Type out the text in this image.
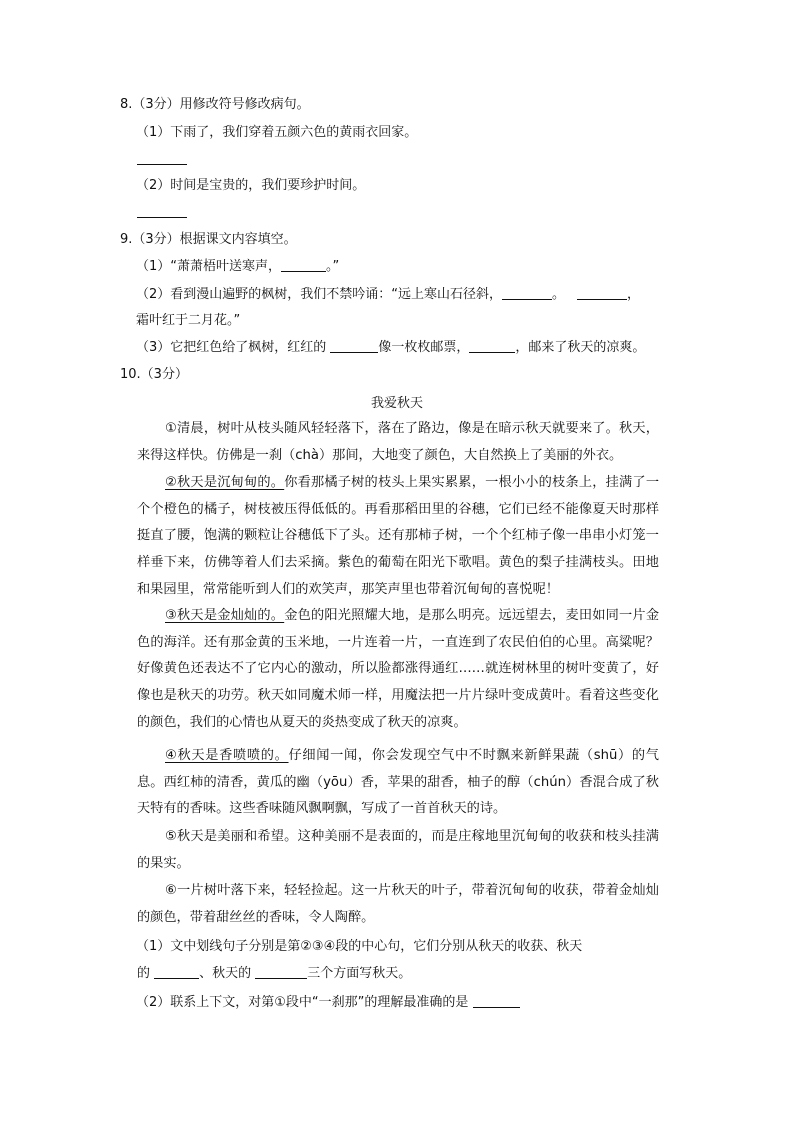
8.（3分）用修改符号修改病句。
（1）下雨了，我们穿着五颜六色的黄雨衣回家。
（2）时间是宝贵的，我们要珍护时间。
9.（3分）根据课文内容填空。
（1）“萧萧梧叶送寒声，	。”
（2）看到漫山遍野的枫树，我们不禁吟诵：“远上寒山石径斜，	。	，
霜叶红于二月花。”
（3）它把红色给了枫树，红红的	像一枚枚邮票，	，邮来了秋天的凉爽。
10.（3分）
我爱秋天
①清晨，树叶从枝头随风轻轻落下，落在了路边，像是在暗示秋天就要来了。秋天，来得这样快。仿佛是一刹（chà）那间，大地变了颜色，大自然换上了美丽的外衣。
②秋天是沉甸甸的。你看那橘子树的枝头上果实累累，一根小小的枝条上，挂满了一个个橙色的橘子，树枝被压得低低的。再看那稻田里的谷穗，它们已经不能像夏天时那样挺直了腰，饱满的颗粒让谷穗低下了头。还有那柿子树，一个个红柿子像一串串小灯笼一样垂下来，仿佛等着人们去采摘。紫色的葡萄在阳光下歌唱。黄色的梨子挂满枝头。田地和果园里，常常能听到人们的欢笑声，那笑声里也带着沉甸甸的喜悦呢！
③秋天是金灿灿的。金色的阳光照耀大地，是那么明亮。远远望去，麦田如同一片金色的海洋。还有那金黄的玉米地，一片连着一片，一直连到了农民伯伯的心里。高粱呢？好像黄色还表达不了它内心的激动，所以脸都涨得通红……就连树林里的树叶变黄了，好像也是秋天的功劳。秋天如同魔术师一样，用魔法把一片片绿叶变成黄叶。看着这些变化的颜色，我们的心情也从夏天的炎热变成了秋天的凉爽。
④秋天是香喷喷的。仔细闻一闻，你会发现空气中不时飘来新鲜果蔬（shū）的气息。西红柿的清香，黄瓜的幽（yōu）香，苹果的甜香，柚子的醇（chún）香混合成了秋天特有的香味。这些香味随风飘啊飘，写成了一首首秋天的诗。
⑤秋天是美丽和希望。这种美丽不是表面的，而是庄稼地里沉甸甸的收获和枝头挂满的果实。
⑥一片树叶落下来，轻轻捡起。这一片秋天的叶子，带着沉甸甸的收获，带着金灿灿的颜色，带着甜丝丝的香味，令人陶醉。
（1）文中划线句子分别是第②③④段的中心句，它们分别从秋天的收获、秋天
的	、秋天的	三个方面写秋天。
（2）联系上下文，对第①段中“一刹那”的理解最准确的是
